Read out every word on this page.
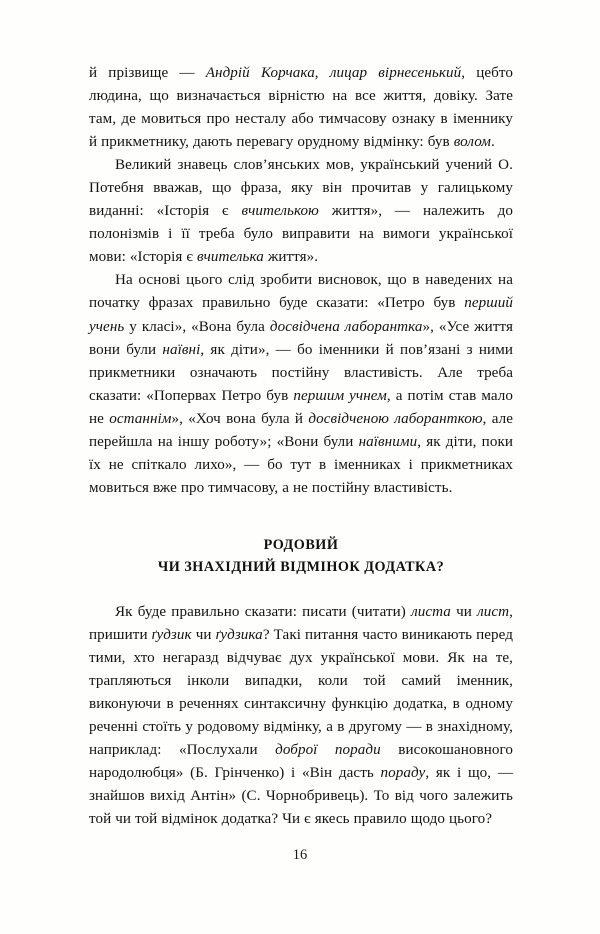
й прізвище — Андрій Корчака, лицар вірнесенький, цебто людина, що визначається вірністю на все життя, довіку. Зате там, де мовиться про несталу або тимчасову ознаку в іменнику й прикметнику, дають перевагу орудному відмінку: був волом.

Великий знавець слов’янських мов, український учений О. Потебня вважав, що фраза, яку він прочитав у галицькому виданні: «Історія є вчителькою життя», — належить до полонізмів і її треба було виправити на вимоги української мови: «Історія є вчителька життя».

На основі цього слід зробити висновок, що в наведених на початку фразах правильно буде сказати: «Петро був перший учень у класі», «Вона була досвідчена лаборантка», «Усе життя вони були наївні, як діти», — бо іменники й пов’язані з ними прикметники означають постійну властивість. Але треба сказати: «Попервах Петро був першим учнем, а потім став мало не останнім», «Хоч вона була й досвідченою лаборанткою, але перейшла на іншу роботу»; «Вони були наївними, як діти, поки їх не спіткало лихо», — бо тут в іменниках і прикметниках мовиться вже про тимчасову, а не постійну властивість.

РОДОВИЙ
ЧИ ЗНАХІДНИЙ ВІДМІНОК ДОДАТКА?

Як буде правильно сказати: писати (читати) листа чи лист, пришити ґудзик чи ґудзика? Такі питання часто виникають перед тими, хто негаразд відчуває дух української мови. Як на те, трапляються інколи випадки, коли той самий іменник, виконуючи в реченнях синтаксичну функцію додатка, в одному реченні стоїть у родовому відмінку, а в другому — в знахідному, наприклад: «Послухали доброї поради високошановного народолюбця» (Б. Грінченко) і «Він дасть пораду, як і що, — знайшов вихід Антін» (С. Чорнобривець). То від чого залежить той чи той відмінок додатка? Чи є якесь правило щодо цього?

16
